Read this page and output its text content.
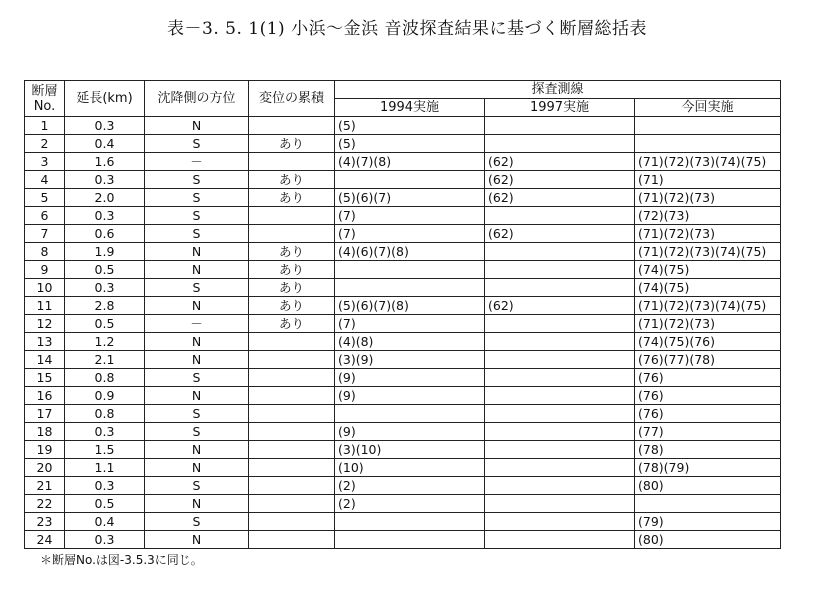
表－3. 5. 1(1) 小浜～金浜 音波探査結果に基づく断層総括表
断層
No.	延長(km)	沈降側の方位	変位の累積	探査測線		
				1994実施	1997実施	今回実施
1	0.3	N		(5)		
2	0.4	S	あり	(5)		
3	1.6	－		(4)(7)(8)	(62)	(71)(72)(73)(74)(75)
4	0.3	S	あり		(62)	(71)
5	2.0	S	あり	(5)(6)(7)	(62)	(71)(72)(73)
6	0.3	S		(7)		(72)(73)
7	0.6	S		(7)	(62)	(71)(72)(73)
8	1.9	N	あり	(4)(6)(7)(8)		(71)(72)(73)(74)(75)
9	0.5	N	あり			(74)(75)
10	0.3	S	あり			(74)(75)
11	2.8	N	あり	(5)(6)(7)(8)	(62)	(71)(72)(73)(74)(75)
12	0.5	－	あり	(7)		(71)(72)(73)
13	1.2	N		(4)(8)		(74)(75)(76)
14	2.1	N		(3)(9)		(76)(77)(78)
15	0.8	S		(9)		(76)
16	0.9	N		(9)		(76)
17	0.8	S				(76)
18	0.3	S		(9)		(77)
19	1.5	N		(3)(10)		(78)
20	1.1	N		(10)		(78)(79)
21	0.3	S		(2)		(80)
22	0.5	N		(2)		
23	0.4	S				(79)
24	0.3	N				(80)
＊断層No.は図-3.5.3に同じ。
